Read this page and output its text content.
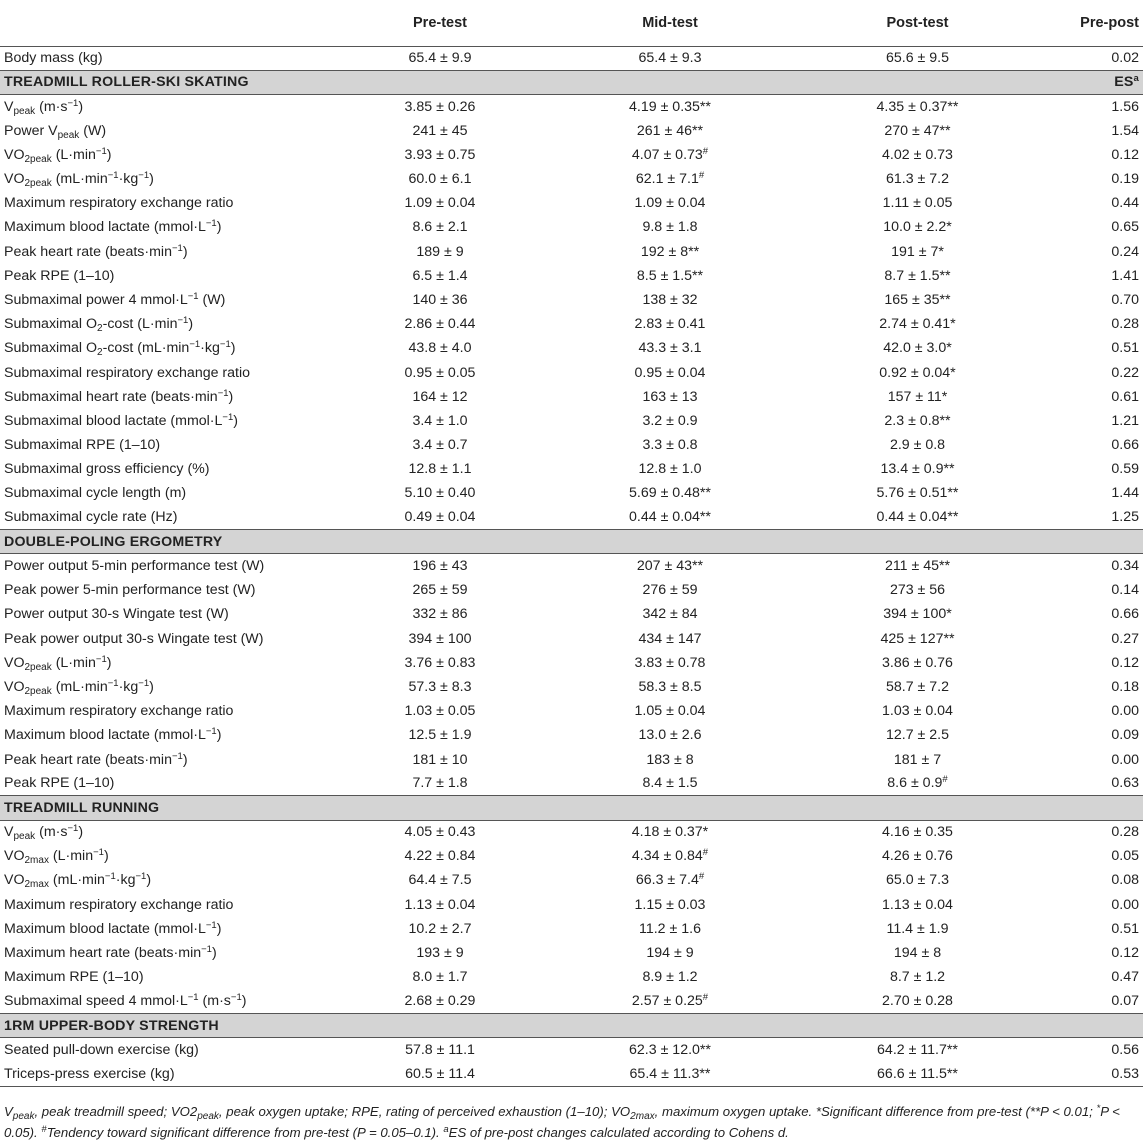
	Pre-test	Mid-test	Post-test	Pre-post
Body mass (kg)	65.4 ± 9.9	65.4 ± 9.3	65.6 ± 9.5	0.02
TREADMILL ROLLER-SKI SKATING				$ES^a$
$V_{peak}$ $(m\cdot s^{-1})$	3.85 ± 0.26	4.19 ± 0.35**	4.35 ± 0.37**	1.56
Power $V_{peak}$ (W)	241 ± 45	261 ± 46**	270 ± 47**	1.54
$VO_{2peak}$ $(L\cdot\min^{-1})$	3.93 ± 0.75	4.07 ± 0.73#	4.02 ± 0.73	0.12
$VO_{2peak}$ $(mL\cdot\min^{-1}\cdot kg^{-1})$	60.0 ± 6.1	62.1 ± 7.1#	61.3 ± 7.2	0.19
Maximum respiratory exchange ratio	1.09 ± 0.04	1.09 ± 0.04	1.11 ± 0.05	0.44
Maximum blood lactate $(mmol\cdot L^{-1})$	8.6 ± 2.1	9.8 ± 1.8	10.0 ± 2.2*	0.65
Peak heart rate $(beats\cdot\min^{-1})$	189 ± 9	192 ± 8**	191 ± 7*	0.24
Peak RPE (1–10)	6.5 ± 1.4	8.5 ± 1.5**	8.7 ± 1.5**	1.41
Submaximal power 4 $mmol\cdot L^{-1}$ (W)	140 ± 36	138 ± 32	165 ± 35**	0.70
Submaximal $O_2$-cost $(L\cdot\min^{-1})$	2.86 ± 0.44	2.83 ± 0.41	2.74 ± 0.41*	0.28
Submaximal $O_2$-cost $(mL\cdot\min^{-1}\cdot kg^{-1})$	43.8 ± 4.0	43.3 ± 3.1	42.0 ± 3.0*	0.51
Submaximal respiratory exchange ratio	0.95 ± 0.05	0.95 ± 0.04	0.92 ± 0.04*	0.22
Submaximal heart rate $(beats\cdot\min^{-1})$	164 ± 12	163 ± 13	157 ± 11*	0.61
Submaximal blood lactate $(mmol\cdot L^{-1})$	3.4 ± 1.0	3.2 ± 0.9	2.3 ± 0.8**	1.21
Submaximal RPE (1–10)	3.4 ± 0.7	3.3 ± 0.8	2.9 ± 0.8	0.66
Submaximal gross efficiency (%)	12.8 ± 1.1	12.8 ± 1.0	13.4 ± 0.9**	0.59
Submaximal cycle length (m)	5.10 ± 0.40	5.69 ± 0.48**	5.76 ± 0.51**	1.44
Submaximal cycle rate (Hz)	0.49 ± 0.04	0.44 ± 0.04**	0.44 ± 0.04**	1.25
DOUBLE-POLING ERGOMETRY				
Power output 5-min performance test (W)	196 ± 43	207 ± 43**	211 ± 45**	0.34
Peak power 5-min performance test (W)	265 ± 59	276 ± 59	273 ± 56	0.14
Power output 30-s Wingate test (W)	332 ± 86	342 ± 84	394 ± 100*	0.66
Peak power output 30-s Wingate test (W)	394 ± 100	434 ± 147	425 ± 127**	0.27
$VO_{2peak}$ $(L\cdot\min^{-1})$	3.76 ± 0.83	3.83 ± 0.78	3.86 ± 0.76	0.12
$VO_{2peak}$ $(mL\cdot\min^{-1}\cdot kg^{-1})$	57.3 ± 8.3	58.3 ± 8.5	58.7 ± 7.2	0.18
Maximum respiratory exchange ratio	1.03 ± 0.05	1.05 ± 0.04	1.03 ± 0.04	0.00
Maximum blood lactate $(mmol\cdot L^{-1})$	12.5 ± 1.9	13.0 ± 2.6	12.7 ± 2.5	0.09
Peak heart rate $(beats\cdot\min^{-1})$	181 ± 10	183 ± 8	181 ± 7	0.00
Peak RPE (1–10)	7.7 ± 1.8	8.4 ± 1.5	8.6 ± 0.9#	0.63
TREADMILL RUNNING				
$V_{peak}$ $(m\cdot s^{-1})$	4.05 ± 0.43	4.18 ± 0.37*	4.16 ± 0.35	0.28
$VO_{2max}$ $(L\cdot\min^{-1})$	4.22 ± 0.84	4.34 ± 0.84#	4.26 ± 0.76	0.05
$VO_{2max}$ $(mL\cdot\min^{-1}\cdot kg^{-1})$	64.4 ± 7.5	66.3 ± 7.4#	65.0 ± 7.3	0.08
Maximum respiratory exchange ratio	1.13 ± 0.04	1.15 ± 0.03	1.13 ± 0.04	0.00
Maximum blood lactate $(mmol\cdot L^{-1})$	10.2 ± 2.7	11.2 ± 1.6	11.4 ± 1.9	0.51
Maximum heart rate $(beats\cdot\min^{-1})$	193 ± 9	194 ± 9	194 ± 8	0.12
Maximum RPE (1–10)	8.0 ± 1.7	8.9 ± 1.2	8.7 ± 1.2	0.47
Submaximal speed 4 $mmol\cdot L^{-1}$ $(m\cdot s^{-1})$	2.68 ± 0.29	2.57 ± 0.25#	2.70 ± 0.28	0.07
1RM UPPER-BODY STRENGTH				
Seated pull-down exercise (kg)	57.8 ± 11.1	62.3 ± 12.0**	64.2 ± 11.7**	0.56
Triceps-press exercise (kg)	60.5 ± 11.4	65.4 ± 11.3**	66.6 ± 11.5**	0.53
$V_{peak}$, peak treadmill speed; $VO2_{peak}$, peak oxygen uptake; RPE, rating of perceived exhaustion (1–10); $VO_{2max}$, maximum oxygen uptake. *Significant difference from pre-test (**P < 0.01; *P < 0.05). #Tendency toward significant difference from pre-test (P = 0.05–0.1). $^a$ES of pre-post changes calculated according to Cohens d.
